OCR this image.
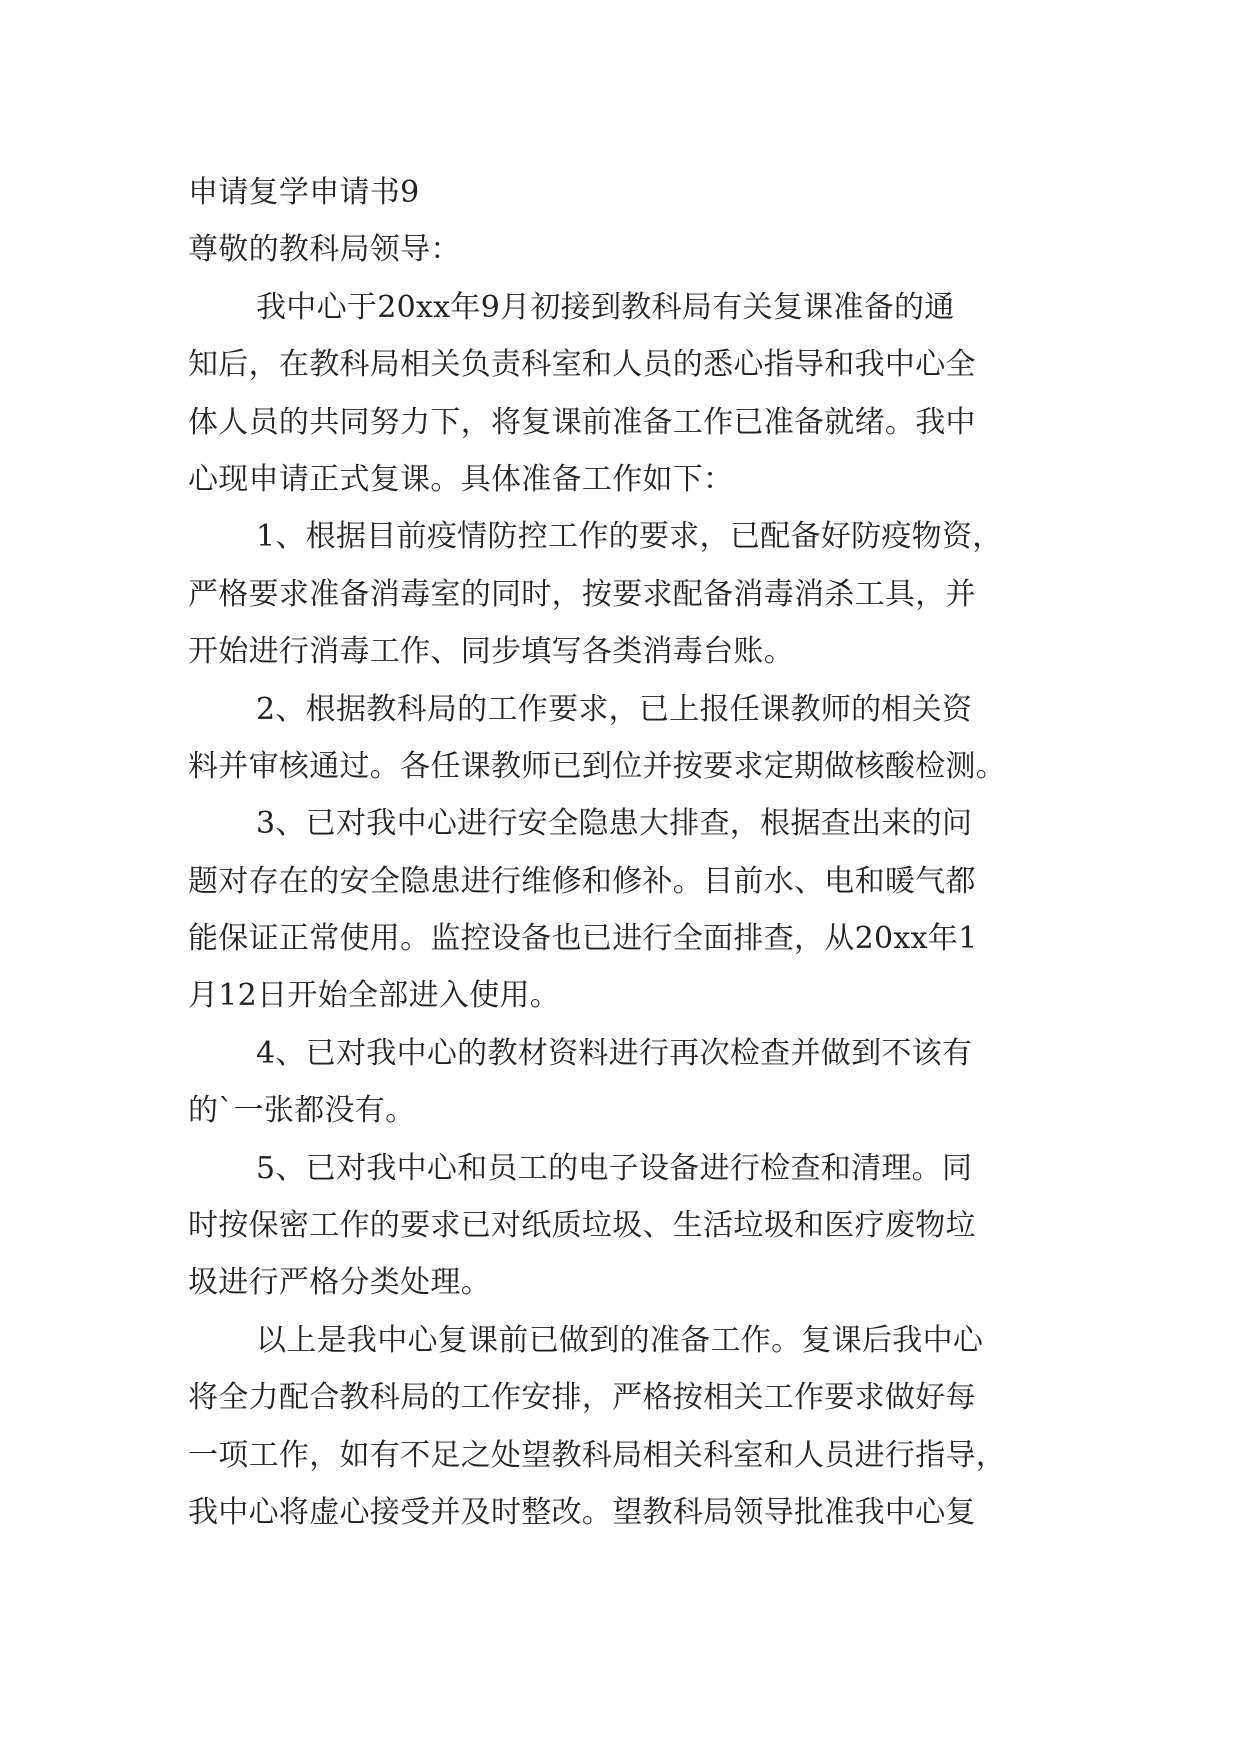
申请复学申请书9
尊敬的教科局领导：
我中心于20xx年9月初接到教科局有关复课准备的通
知后，在教科局相关负责科室和人员的悉心指导和我中心全
体人员的共同努力下，将复课前准备工作已准备就绪。我中
心现申请正式复课。具体准备工作如下：
1、根据目前疫情防控工作的要求，已配备好防疫物资，
严格要求准备消毒室的同时，按要求配备消毒消杀工具，并
开始进行消毒工作、同步填写各类消毒台账。
2、根据教科局的工作要求，已上报任课教师的相关资
料并审核通过。各任课教师已到位并按要求定期做核酸检测。
3、已对我中心进行安全隐患大排查，根据查出来的问
题对存在的安全隐患进行维修和修补。目前水、电和暖气都
能保证正常使用。监控设备也已进行全面排查，从20xx年1
月12日开始全部进入使用。
4、已对我中心的教材资料进行再次检查并做到不该有
的`一张都没有。
5、已对我中心和员工的电子设备进行检查和清理。同
时按保密工作的要求已对纸质垃圾、生活垃圾和医疗废物垃
圾进行严格分类处理。
以上是我中心复课前已做到的准备工作。复课后我中心
将全力配合教科局的工作安排，严格按相关工作要求做好每
一项工作，如有不足之处望教科局相关科室和人员进行指导，
我中心将虚心接受并及时整改。望教科局领导批准我中心复
